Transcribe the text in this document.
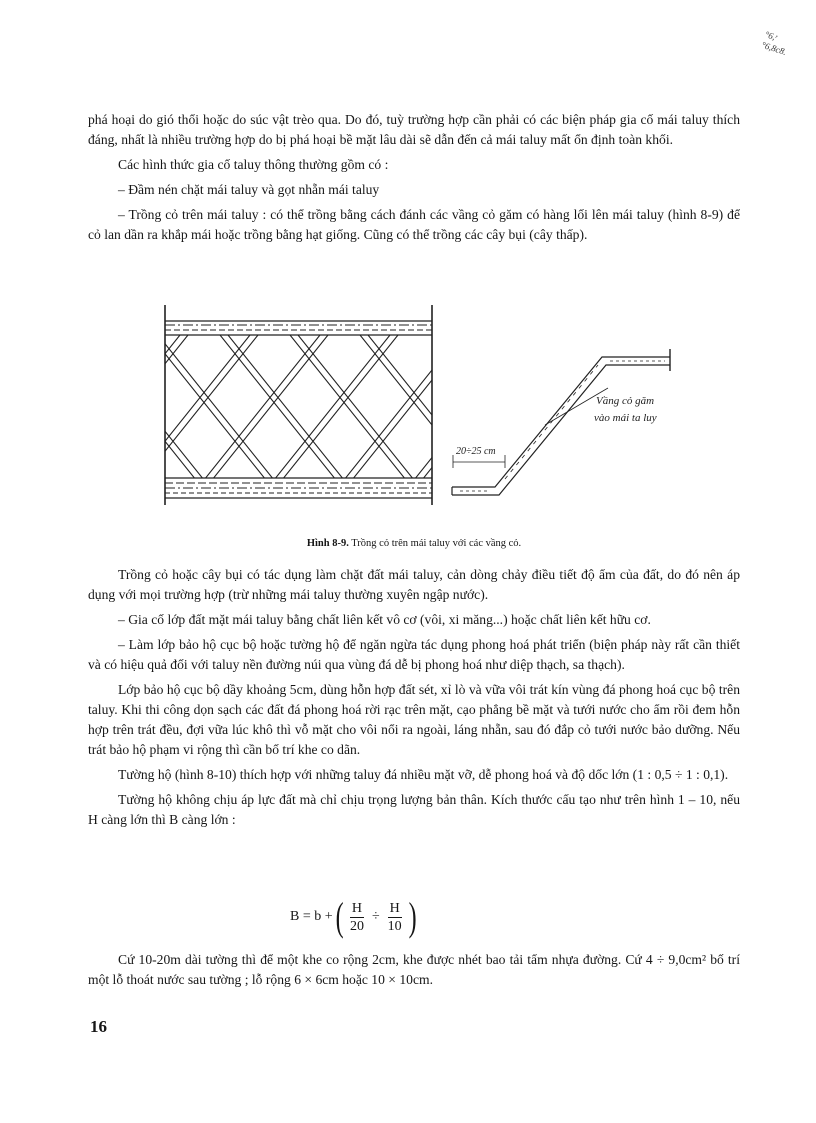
°6,ʳ
°6,8c8.

phá hoại do gió thổi hoặc do súc vật trèo qua. Do đó, tuỳ trường hợp cần phải có các biện pháp gia cố mái taluy thích đáng, nhất là nhiều trường hợp do bị phá hoại bề mặt lâu dài sẽ dẫn đến cả mái taluy mất ổn định toàn khối.

Các hình thức gia cố taluy thông thường gồm có :

– Đầm nén chặt mái taluy và gọt nhẵn mái taluy

– Trồng cỏ trên mái taluy : có thể trồng bằng cách đánh các vầng cỏ găm có hàng lối lên mái taluy (hình 8-9) để cỏ lan dần ra khắp mái hoặc trồng bằng hạt giống. Cũng có thể trồng các cây bụi (cây thấp).

Vầng cỏ găm
vào mái ta luy
20÷25 cm
Hình 8-9. Trồng cỏ trên mái taluy với các vầng cỏ.

Trồng cỏ hoặc cây bụi có tác dụng làm chặt đất mái taluy, cản dòng chảy điều tiết độ ẩm của đất, do đó nên áp dụng với mọi trường hợp (trừ những mái taluy thường xuyên ngập nước).

– Gia cố lớp đất mặt mái taluy bằng chất liên kết vô cơ (vôi, xi măng...) hoặc chất liên kết hữu cơ.

– Làm lớp bảo hộ cục bộ hoặc tường hộ để ngăn ngừa tác dụng phong hoá phát triển (biện pháp này rất cần thiết và có hiệu quả đối với taluy nền đường núi qua vùng đá dễ bị phong hoá như diệp thạch, sa thạch).

Lớp bảo hộ cục bộ dầy khoảng 5cm, dùng hỗn hợp đất sét, xỉ lò và vữa vôi trát kín vùng đá phong hoá cục bộ trên taluy. Khi thi công dọn sạch các đất đá phong hoá rời rạc trên mặt, cạo phẳng bề mặt và tưới nước cho ẩm rồi đem hỗn hợp trên trát đều, đợi vữa lúc khô thì vỗ mặt cho vôi nổi ra ngoài, láng nhẵn, sau đó đắp cỏ tưới nước bảo dưỡng. Nếu trát bảo hộ phạm vi rộng thì cần bố trí khe co dãn.

Tường hộ (hình 8-10) thích hợp với những taluy đá nhiều mặt vỡ, dễ phong hoá và độ dốc lớn (1 : 0,5 ÷ 1 : 0,1).

Tường hộ không chịu áp lực đất mà chỉ chịu trọng lượng bản thân. Kích thước cấu tạo như trên hình 1 – 10, nếu H càng lớn thì B càng lớn :

B = b + ( $\frac{H}{20} \div \frac{H}{10}$ )

Cứ 10-20m dài tường thì để một khe co rộng 2cm, khe được nhét bao tải tẩm nhựa đường. Cứ 4 ÷ 9,0cm² bố trí một lỗ thoát nước sau tường ; lỗ rộng 6 × 6cm hoặc 10 × 10cm.

16
